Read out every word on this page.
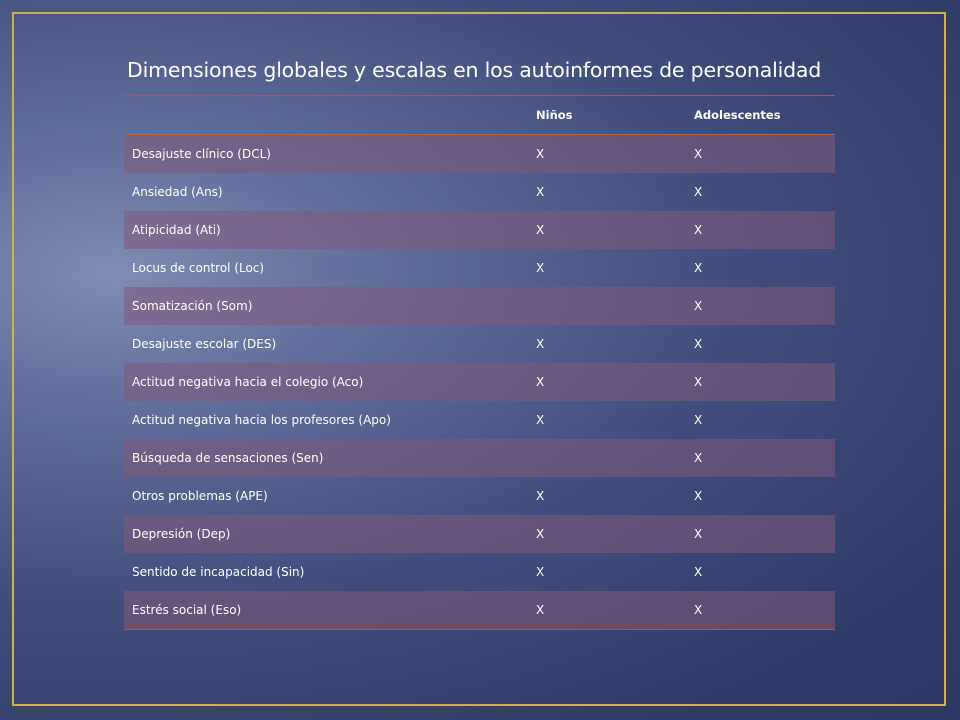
Dimensiones globales y escalas en los autoinformes de personalidad
	Niños	Adolescentes
Desajuste clínico (DCL)	X	X
Ansiedad (Ans)	X	X
Atipicidad (Ati)	X	X
Locus de control (Loc)	X	X
Somatización (Som)		X
Desajuste escolar (DES)	X	X
Actitud negativa hacia el colegio (Aco)	X	X
Actitud negativa hacia los profesores (Apo)	X	X
Búsqueda de sensaciones (Sen)		X
Otros problemas (APE)	X	X
Depresión (Dep)	X	X
Sentido de incapacidad (Sin)	X	X
Estrés social (Eso)	X	X
